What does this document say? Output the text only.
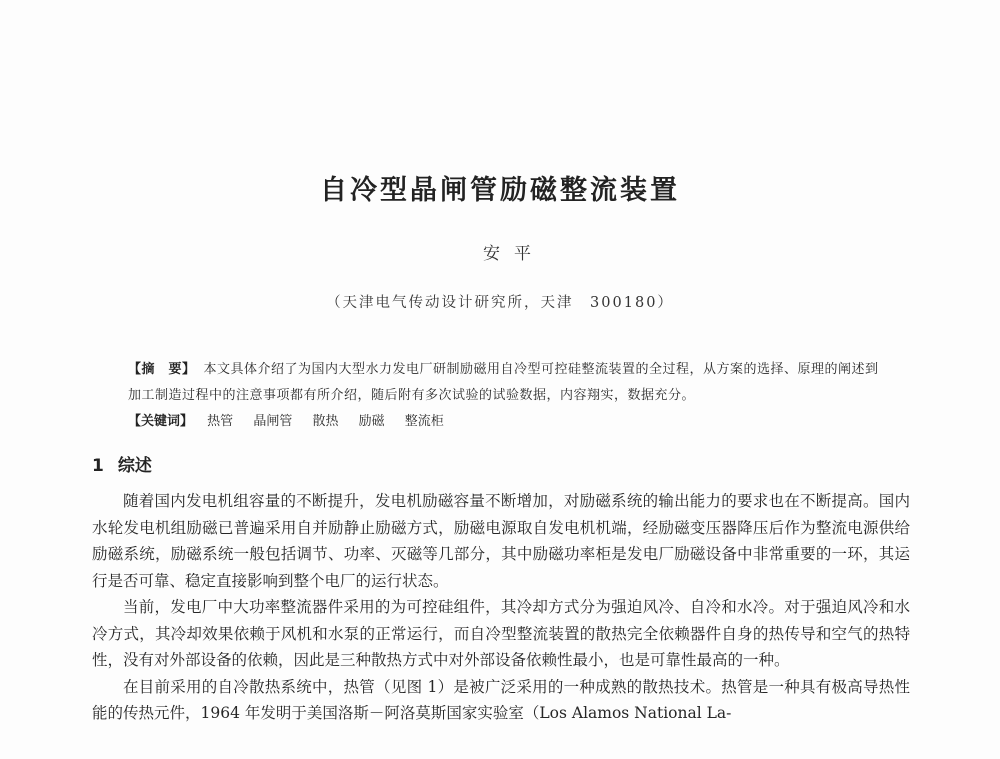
自冷型晶闸管励磁整流装置
安平
（天津电气传动设计研究所，天津　300180）
【摘　要】 本文具体介绍了为国内大型水力发电厂研制励磁用自冷型可控硅整流装置的全过程，从方案的选择、原理的阐述到加工制造过程中的注意事项都有所介绍，随后附有多次试验的试验数据，内容翔实，数据充分。
【关键词】 热管 晶闸管 散热 励磁 整流柜
1 综述

随着国内发电机组容量的不断提升，发电机励磁容量不断增加，对励磁系统的输出能力的要求也在不断提高。国内水轮发电机组励磁已普遍采用自并励静止励磁方式，励磁电源取自发电机机端，经励磁变压器降压后作为整流电源供给励磁系统，励磁系统一般包括调节、功率、灭磁等几部分，其中励磁功率柜是发电厂励磁设备中非常重要的一环，其运行是否可靠、稳定直接影响到整个电厂的运行状态。

当前，发电厂中大功率整流器件采用的为可控硅组件，其冷却方式分为强迫风冷、自冷和水冷。对于强迫风冷和水冷方式，其冷却效果依赖于风机和水泵的正常运行，而自冷型整流装置的散热完全依赖器件自身的热传导和空气的热特性，没有对外部设备的依赖，因此是三种散热方式中对外部设备依赖性最小，也是可靠性最高的一种。

在目前采用的自冷散热系统中，热管（见图 1）是被广泛采用的一种成熟的散热技术。热管是一种具有极高导热性能的传热元件，1964 年发明于美国洛斯－阿洛莫斯国家实验室（Los Alamos National La-
